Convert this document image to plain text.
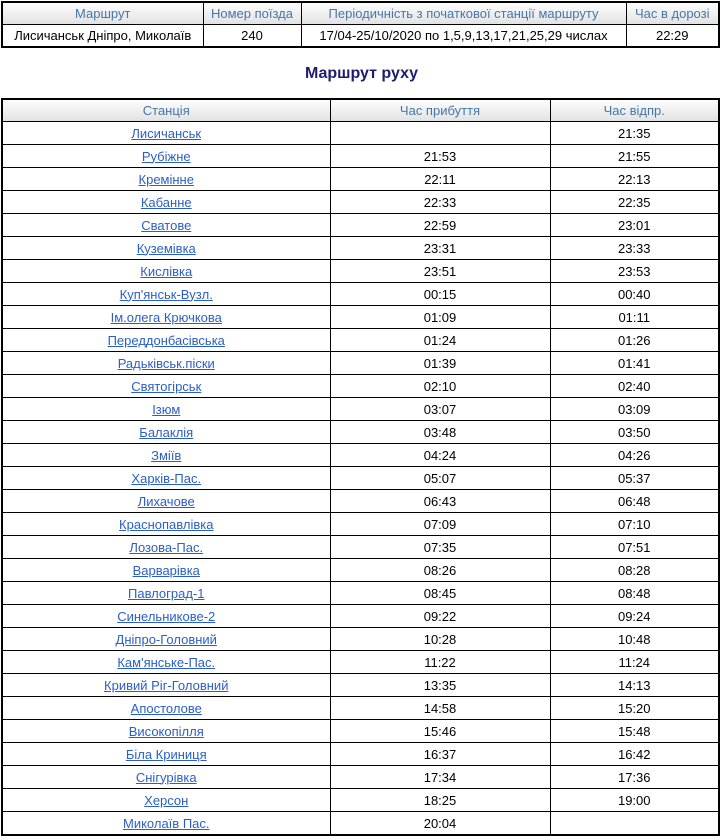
Маршрут	Номер поїзда	Періодичність з початкової станції маршруту	Час в дорозі
Лисичанськ Дніпро, Миколаїв	240	17/04-25/10/2020 по 1,5,9,13,17,21,25,29 числах	22:29
Маршрут руху
Станція	Час прибуття	Час відпр.
Лисичанськ		21:35
Рубіжне	21:53	21:55
Кремінне	22:11	22:13
Кабанне	22:33	22:35
Сватове	22:59	23:01
Куземівка	23:31	23:33
Кислівка	23:51	23:53
Куп'янськ-Вузл.	00:15	00:40
Ім.олега Крючкова	01:09	01:11
Переддонбасівська	01:24	01:26
Радьківськ.піски	01:39	01:41
Святогірськ	02:10	02:40
Ізюм	03:07	03:09
Балаклія	03:48	03:50
Зміїв	04:24	04:26
Харків-Пас.	05:07	05:37
Лихачове	06:43	06:48
Краснопавлівка	07:09	07:10
Лозова-Пас.	07:35	07:51
Варварівка	08:26	08:28
Павлоград-1	08:45	08:48
Синельникове-2	09:22	09:24
Дніпро-Головний	10:28	10:48
Кам'янське-Пас.	11:22	11:24
Кривий Ріг-Головний	13:35	14:13
Апостолове	14:58	15:20
Високопілля	15:46	15:48
Біла Криниця	16:37	16:42
Снігурівка	17:34	17:36
Херсон	18:25	19:00
Миколаїв Пас.	20:04	
